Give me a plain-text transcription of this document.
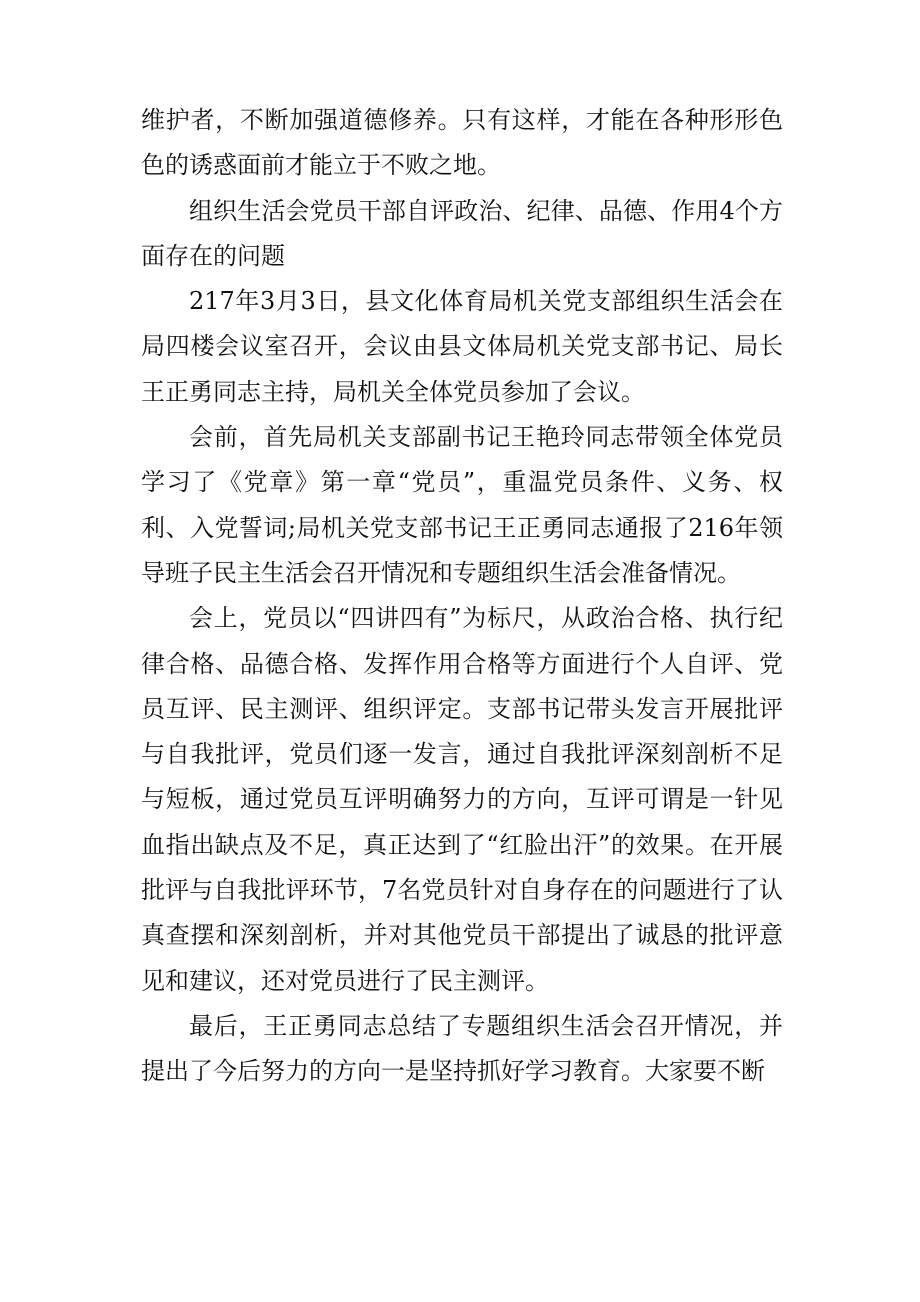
维护者，不断加强道德修养。只有这样，才能在各种形形色色的诱惑面前才能立于不败之地。

组织生活会党员干部自评政治、纪律、品德、作用4个方面存在的问题

217年3月3日，县文化体育局机关党支部组织生活会在局四楼会议室召开，会议由县文体局机关党支部书记、局长王正勇同志主持，局机关全体党员参加了会议。

会前，首先局机关支部副书记王艳玲同志带领全体党员学习了《党章》第一章“党员”，重温党员条件、义务、权利、入党誓词;局机关党支部书记王正勇同志通报了216年领导班子民主生活会召开情况和专题组织生活会准备情况。

会上，党员以“四讲四有”为标尺，从政治合格、执行纪律合格、品德合格、发挥作用合格等方面进行个人自评、党员互评、民主测评、组织评定。支部书记带头发言开展批评与自我批评，党员们逐一发言，通过自我批评深刻剖析不足与短板，通过党员互评明确努力的方向，互评可谓是一针见血指出缺点及不足，真正达到了“红脸出汗”的效果。在开展批评与自我批评环节，7名党员针对自身存在的问题进行了认真查摆和深刻剖析，并对其他党员干部提出了诚恳的批评意见和建议，还对党员进行了民主测评。

最后，王正勇同志总结了专题组织生活会召开情况，并提出了今后努力的方向一是坚持抓好学习教育。大家要不断
